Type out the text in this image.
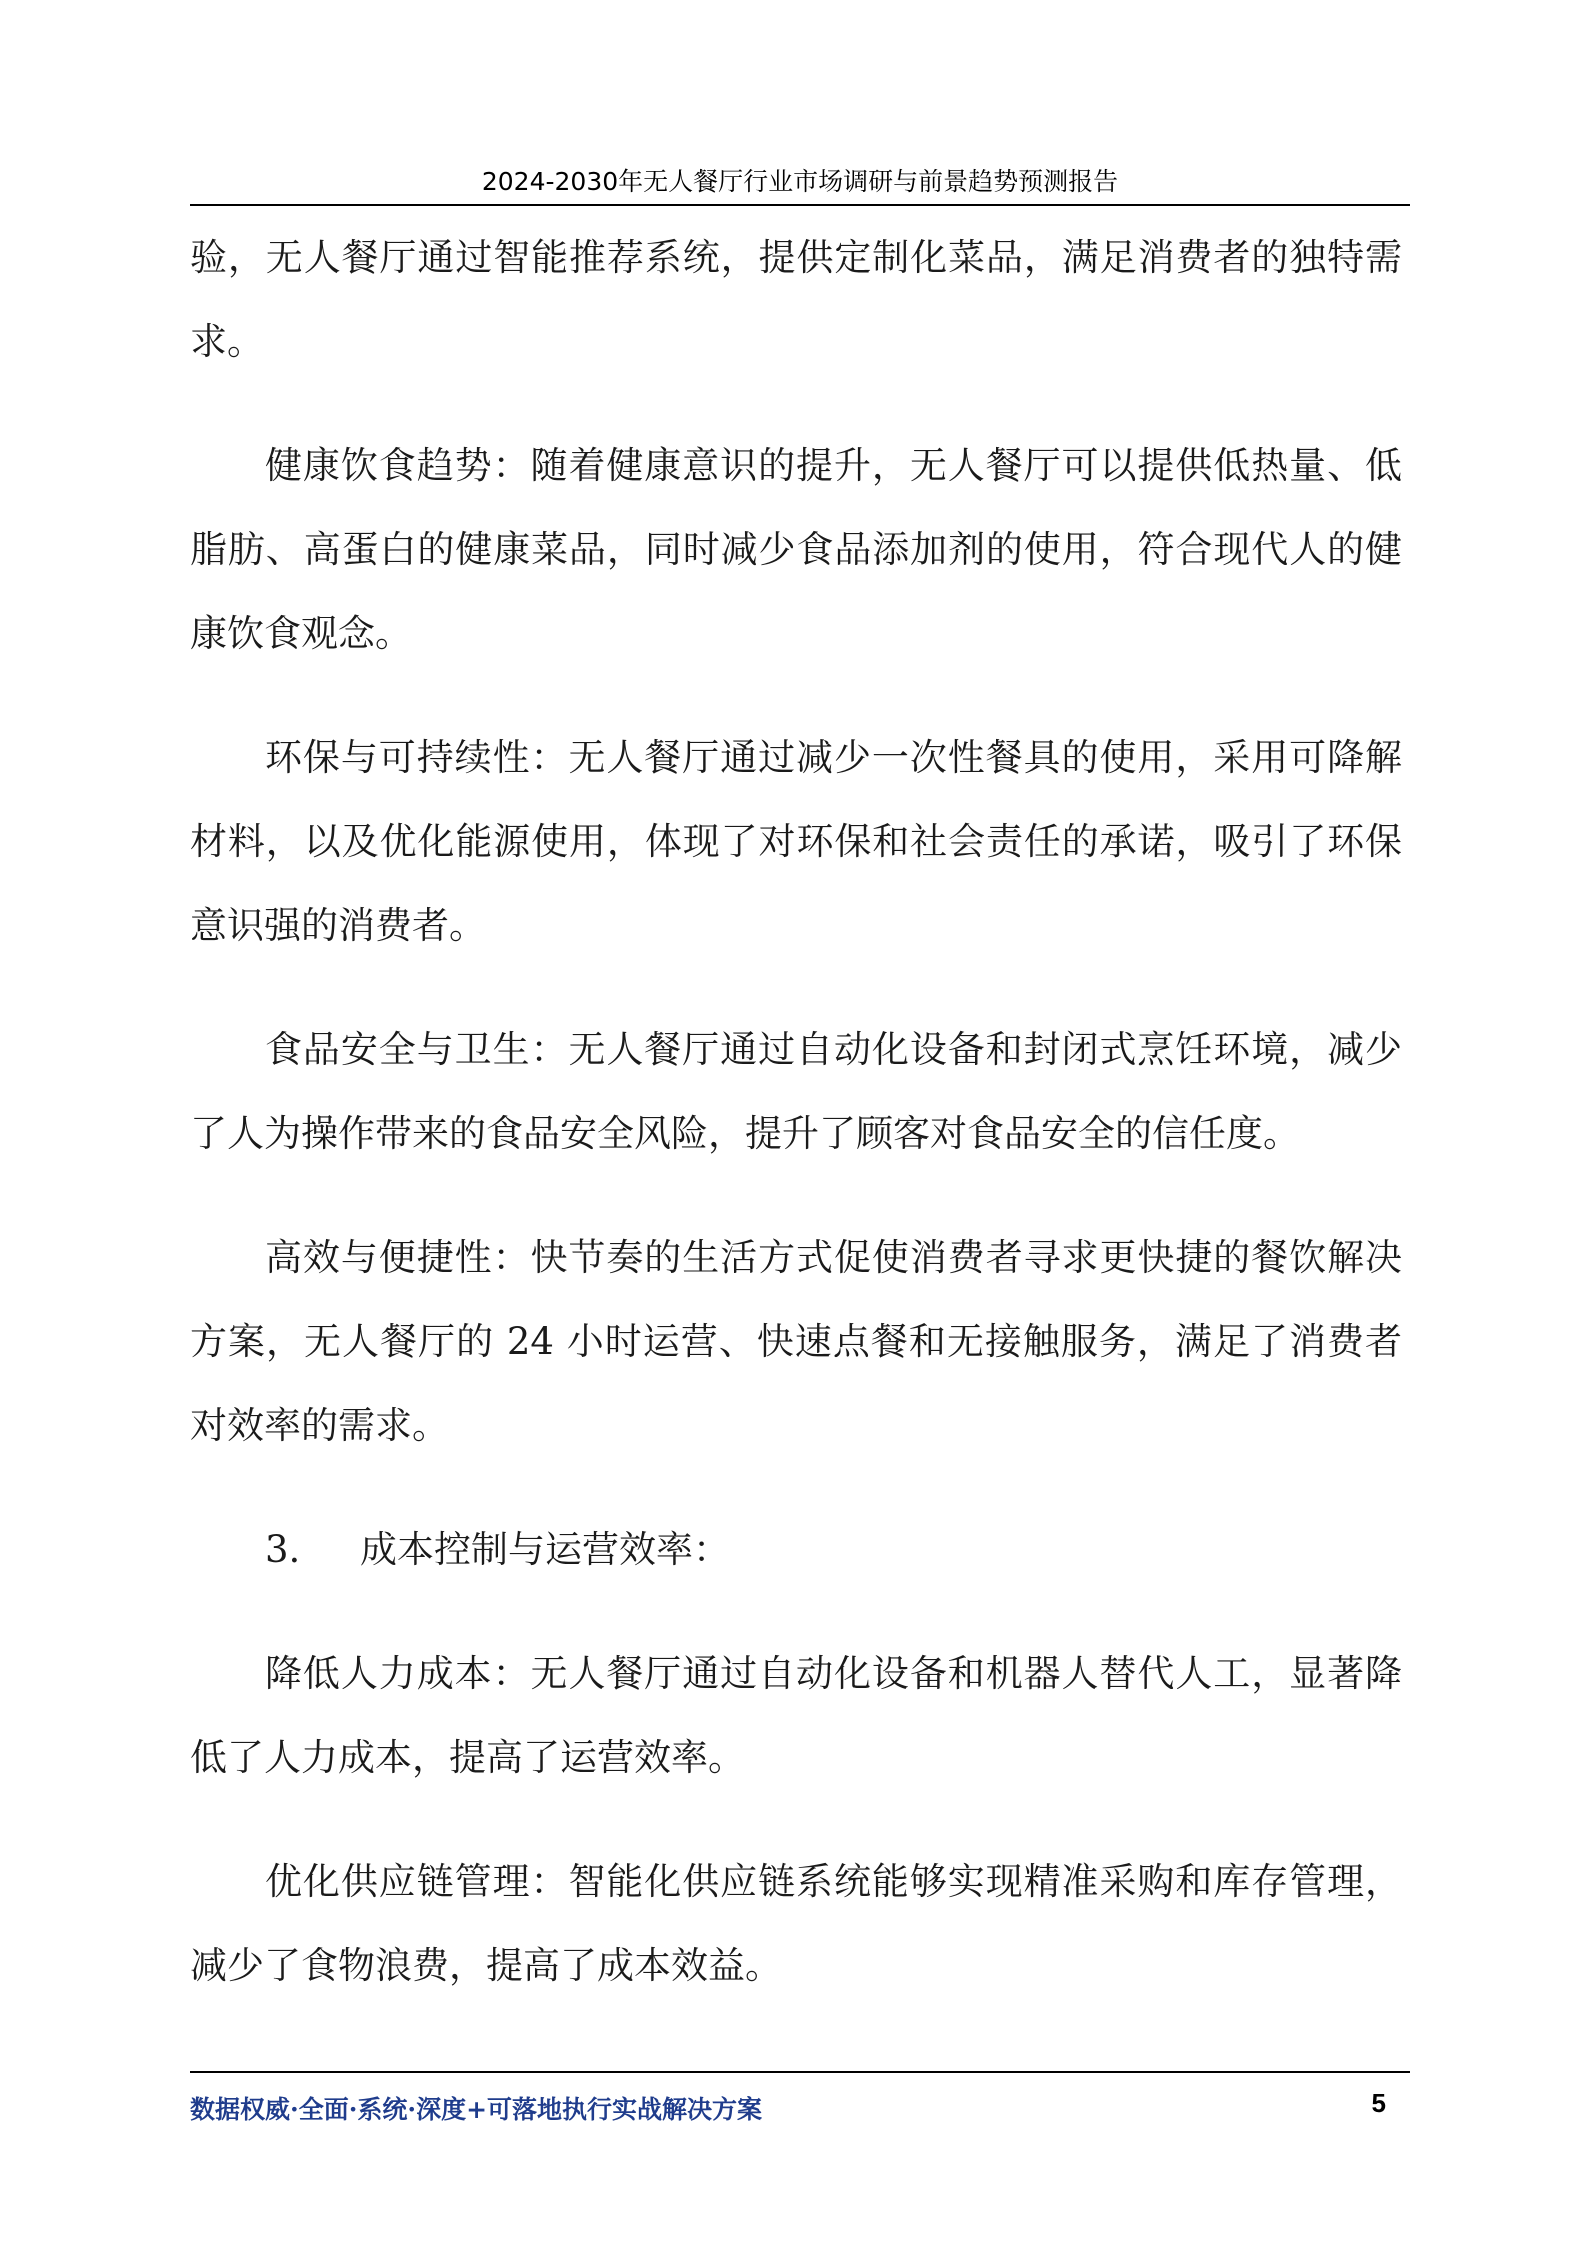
2024-2030年无人餐厅行业市场调研与前景趋势预测报告

验，无人餐厅通过智能推荐系统，提供定制化菜品，满足消费者的独特需求。

健康饮食趋势：随着健康意识的提升，无人餐厅可以提供低热量、低脂肪、高蛋白的健康菜品，同时减少食品添加剂的使用，符合现代人的健康饮食观念。

环保与可持续性：无人餐厅通过减少一次性餐具的使用，采用可降解材料，以及优化能源使用，体现了对环保和社会责任的承诺，吸引了环保意识强的消费者。

食品安全与卫生：无人餐厅通过自动化设备和封闭式烹饪环境，减少了人为操作带来的食品安全风险，提升了顾客对食品安全的信任度。

高效与便捷性：快节奏的生活方式促使消费者寻求更快捷的餐饮解决方案，无人餐厅的 24 小时运营、快速点餐和无接触服务，满足了消费者对效率的需求。

3. 成本控制与运营效率：

降低人力成本：无人餐厅通过自动化设备和机器人替代人工，显著降低了人力成本，提高了运营效率。

优化供应链管理：智能化供应链系统能够实现精准采购和库存管理，减少了食物浪费，提高了成本效益。

数据权威·全面·系统·深度+可落地执行实战解决方案	5
